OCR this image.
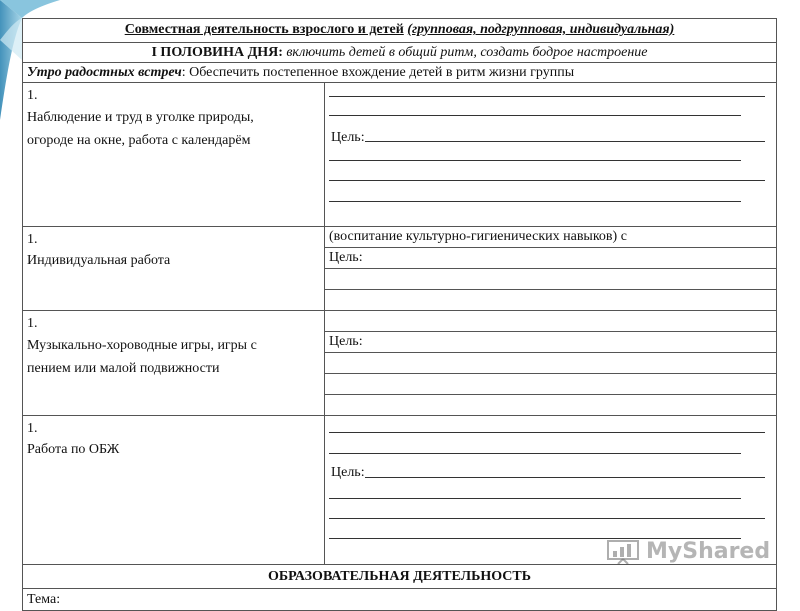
Совместная деятельность взрослого и детей (групповая, подгрупповая, индивидуальная)	
I ПОЛОВИНА ДНЯ: включить детей в общий ритм, создать бодрое настроение	
Утро радостных встреч: Обеспечить постепенное вхождение детей в ритм жизни группы	
1.Наблюдение и труд в уголке природы,
огороде на окне, работа с календарём	Цель:

1.Индивидуальная работа	(воспитание культурно-гигиенических навыков) с
	Цель:

1.Музыкально-хороводные игры, игры с
пением или малой подвижности	
	Цель:

1.Работа по ОБЖ	Цель:

ОБРАЗОВАТЕЛЬНАЯ ДЕЯТЕЛЬНОСТЬ	
Тема:	
MyShared
